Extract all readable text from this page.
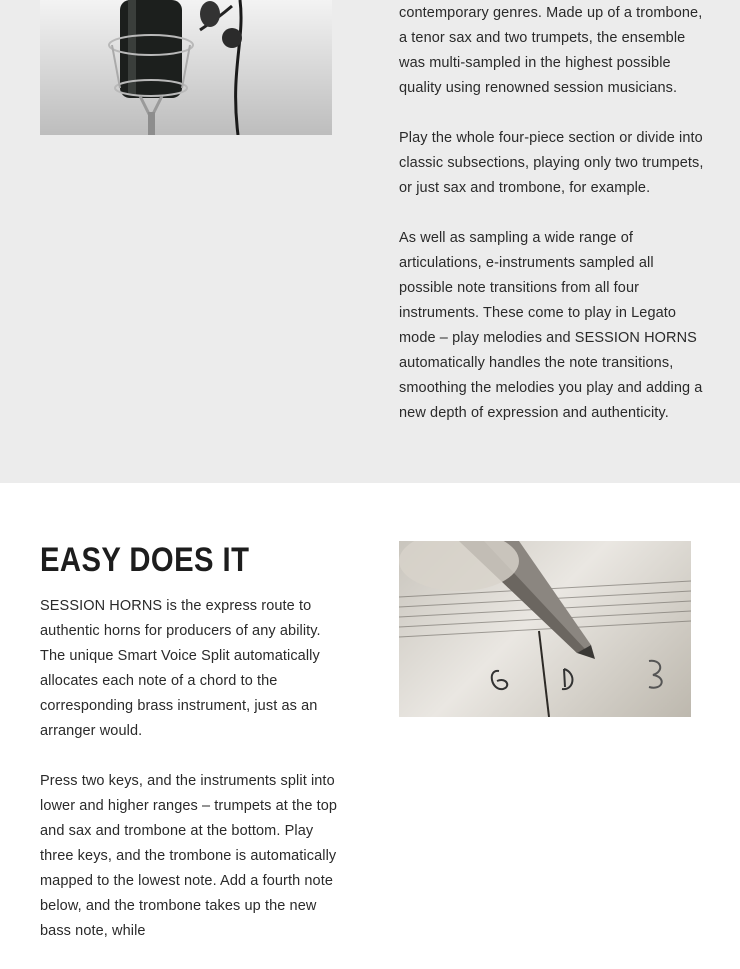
contemporary genres. Made up of a trombone, a tenor sax and two trumpets, the ensemble was multi-sampled in the highest possible quality using renowned session musicians.

Play the whole four-piece section or divide into classic subsections, playing only two trumpets, or just sax and trombone, for example.

As well as sampling a wide range of articulations, e-instruments sampled all possible note transitions from all four instruments. These come to play in Legato mode – play melodies and SESSION HORNS automatically handles the note transitions, smoothing the melodies you play and adding a new depth of expression and authenticity.

EASY DOES IT

SESSION HORNS is the express route to authentic horns for producers of any ability. The unique Smart Voice Split automatically allocates each note of a chord to the corresponding brass instrument, just as an arranger would.

Press two keys, and the instruments split into lower and higher ranges – trumpets at the top and sax and trombone at the bottom. Play three keys, and the trombone is automatically mapped to the lowest note. Add a fourth note below, and the trombone takes up the new bass note, while
